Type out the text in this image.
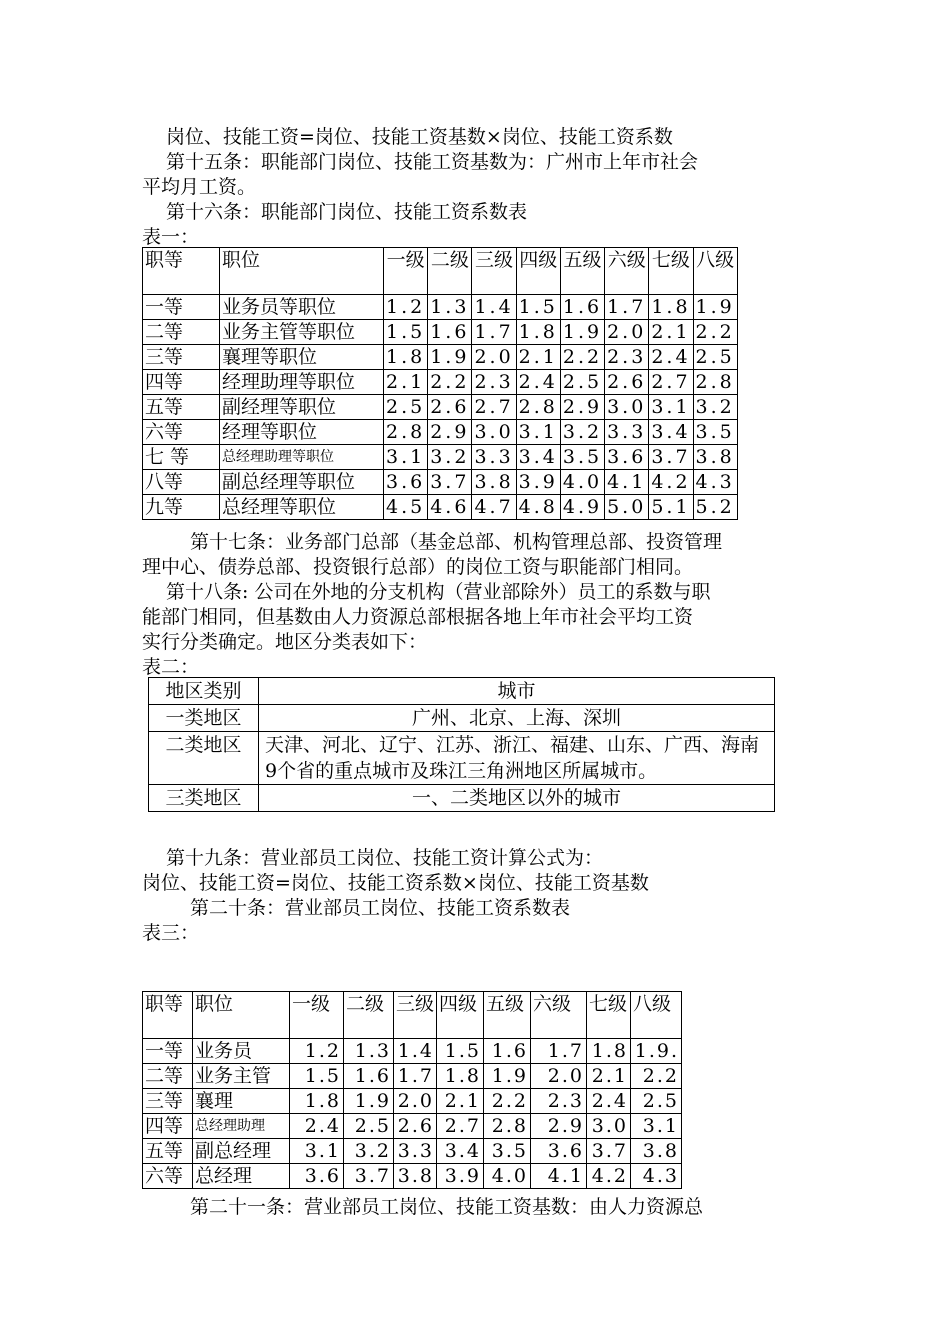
岗位、技能工资=岗位、技能工资基数×岗位、技能工资系数
第十五条：职能部门岗位、技能工资基数为：广州市上年市社会
平均月工资。
第十六条：职能部门岗位、技能工资系数表
表一：
职等	职位	一级	二级	三级	四级	五级	六级	七级	八级
一等	业务员等职位	1.2	1.3	1.4	1.5	1.6	1.7	1.8	1.9
二等	业务主管等职位	1.5	1.6	1.7	1.8	1.9	2.0	2.1	2.2
三等	襄理等职位	1.8	1.9	2.0	2.1	2.2	2.3	2.4	2.5
四等	经理助理等职位	2.1	2.2	2.3	2.4	2.5	2.6	2.7	2.8
五等	副经理等职位	2.5	2.6	2.7	2.8	2.9	3.0	3.1	3.2
六等	经理等职位	2.8	2.9	3.0	3.1	3.2	3.3	3.4	3.5
七 等	总经理助理等职位	3.1	3.2	3.3	3.4	3.5	3.6	3.7	3.8
八等	副总经理等职位	3.6	3.7	3.8	3.9	4.0	4.1	4.2	4.3
九等	总经理等职位	4.5	4.6	4.7	4.8	4.9	5.0	5.1	5.2
第十七条：业务部门总部（基金总部、机构管理总部、投资管理
理中心、债券总部、投资银行总部）的岗位工资与职能部门相同。
第十八条: 公司在外地的分支机构（营业部除外）员工的系数与职
能部门相同，但基数由人力资源总部根据各地上年市社会平均工资
实行分类确定。地区分类表如下：
表二：
地区类别	城市
一类地区	广州、北京、上海、深圳
二类地区	天津、河北、辽宁、江苏、浙江、福建、山东、广西、海南9个省的重点城市及珠江三角洲地区所属城市。
三类地区	一、二类地区以外的城市
第十九条：营业部员工岗位、技能工资计算公式为：
岗位、技能工资=岗位、技能工资系数×岗位、技能工资基数
第二十条：营业部员工岗位、技能工资系数表
表三：
职等	职位	一级	二级	三级	四级	五级	六级	七级	八级
一等	业务员	1.2	1.3	1.4	1.5	1.6	1.7	1.8	1.9.
二等	业务主管	1.5	1.6	1.7	1.8	1.9	2.0	2.1	2.2
三等	襄理	1.8	1.9	2.0	2.1	2.2	2.3	2.4	2.5
四等	总经理助理	2.4	2.5	2.6	2.7	2.8	2.9	3.0	3.1
五等	副总经理	3.1	3.2	3.3	3.4	3.5	3.6	3.7	3.8
六等	总经理	3.6	3.7	3.8	3.9	4.0	4.1	4.2	4.3
第二十一条：营业部员工岗位、技能工资基数：由人力资源总
